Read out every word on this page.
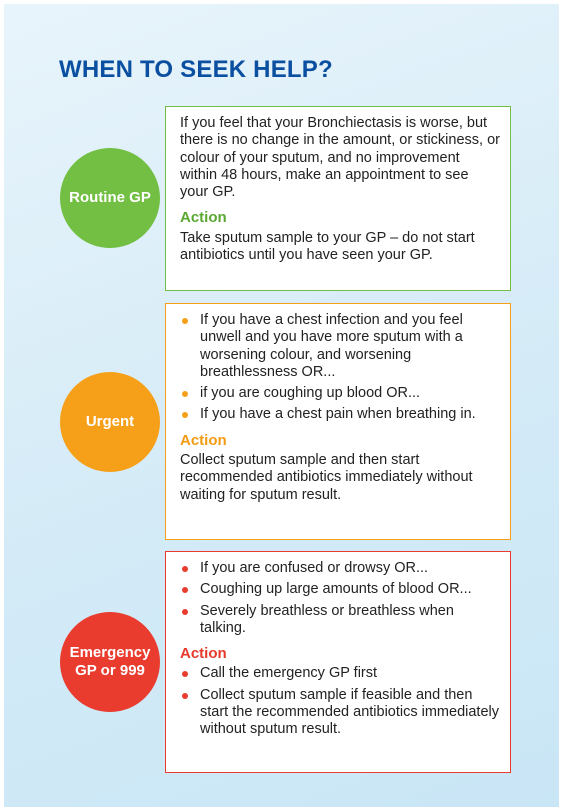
WHEN TO SEEK HELP?
Routine GP

If you feel that your Bronchiectasis is worse, but there is no change in the amount, or stickiness, or colour of your sputum, and no improvement within 48 hours, make an appointment to see your GP.

Action

Take sputum sample to your GP – do not start antibiotics until you have seen your GP.

Urgent
If you have a chest infection and you feel unwell and you have more sputum with a worsening colour, and worsening breathlessness OR...
if you are coughing up blood OR...
If you have a chest pain when breathing in.
Action

Collect sputum sample and then start recommended antibiotics immediately without waiting for sputum result.

Emergency
GP or 999
If you are confused or drowsy OR...
Coughing up large amounts of blood OR...
Severely breathless or breathless when talking.
Action
Call the emergency GP first
Collect sputum sample if feasible and then start the recommended antibiotics immediately without sputum result.
